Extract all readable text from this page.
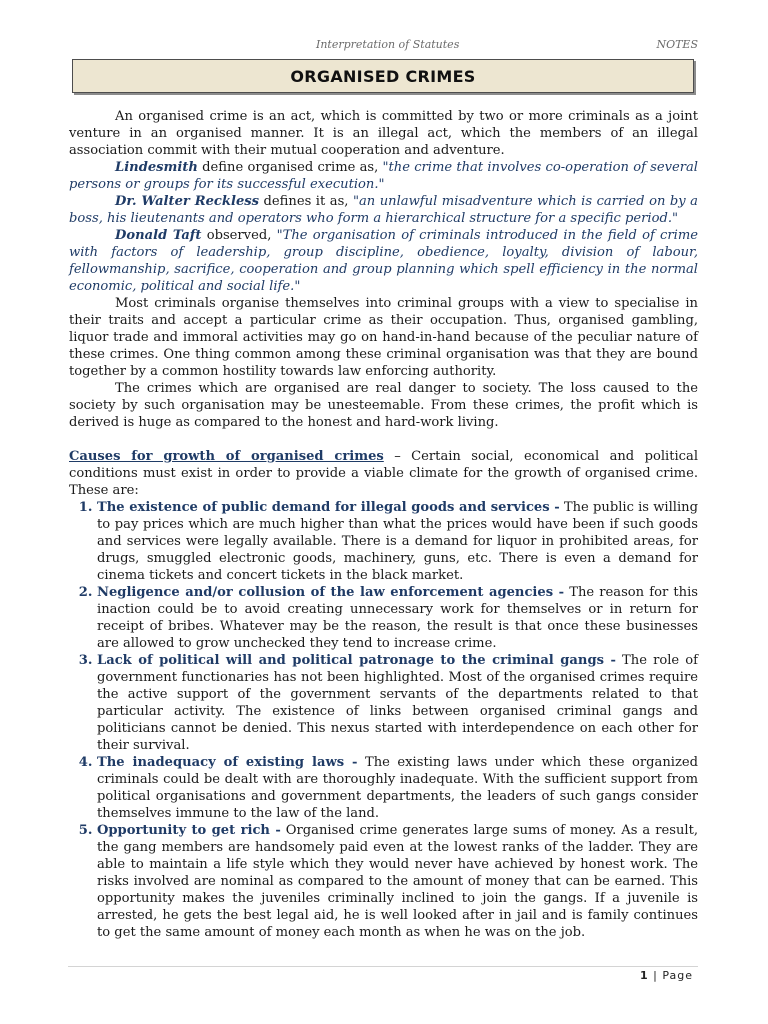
Interpretation of Statutes	NOTES
ORGANISED CRIMES

An organised crime is an act, which is committed by two or more criminals as a joint venture in an organised manner. It is an illegal act, which the members of an illegal association commit with their mutual cooperation and adventure.

Lindesmith define organised crime as, "the crime that involves co-operation of several persons or groups for its successful execution."

Dr. Walter Reckless defines it as, "an unlawful misadventure which is carried on by a boss, his lieutenants and operators who form a hierarchical structure for a specific period."

Donald Taft observed, "The organisation of criminals introduced in the field of crime with factors of leadership, group discipline, obedience, loyalty, division of labour, fellowmanship, sacrifice, cooperation and group planning which spell efficiency in the normal economic, political and social life."

Most criminals organise themselves into criminal groups with a view to specialise in their traits and accept a particular crime as their occupation. Thus, organised gambling, liquor trade and immoral activities may go on hand-in-hand because of the peculiar nature of these crimes. One thing common among these criminal organisation was that they are bound together by a common hostility towards law enforcing authority.

The crimes which are organised are real danger to society. The loss caused to the society by such organisation may be unesteemable. From these crimes, the profit which is derived is huge as compared to the honest and hard-work living.

Causes for growth of organised crimes – Certain social, economical and political conditions must exist in order to provide a viable climate for the growth of organised crime. These are:

1. The existence of public demand for illegal goods and services - The public is willing to pay prices which are much higher than what the prices would have been if such goods and services were legally available. There is a demand for liquor in prohibited areas, for drugs, smuggled electronic goods, machinery, guns, etc. There is even a demand for cinema tickets and concert tickets in the black market.
2. Negligence and/or collusion of the law enforcement agencies - The reason for this inaction could be to avoid creating unnecessary work for themselves or in return for receipt of bribes. Whatever may be the reason, the result is that once these businesses are allowed to grow unchecked they tend to increase crime.
3. Lack of political will and political patronage to the criminal gangs - The role of government functionaries has not been highlighted. Most of the organised crimes require the active support of the government servants of the departments related to that particular activity. The existence of links between organised criminal gangs and politicians cannot be denied. This nexus started with interdependence on each other for their survival.
4. The inadequacy of existing laws - The existing laws under which these organized criminals could be dealt with are thoroughly inadequate. With the sufficient support from political organisations and government departments, the leaders of such gangs consider themselves immune to the law of the land.
5. Opportunity to get rich - Organised crime generates large sums of money. As a result, the gang members are handsomely paid even at the lowest ranks of the ladder. They are able to maintain a life style which they would never have achieved by honest work. The risks involved are nominal as compared to the amount of money that can be earned. This opportunity makes the juveniles criminally inclined to join the gangs. If a juvenile is arrested, he gets the best legal aid, he is well looked after in jail and is family continues to get the same amount of money each month as when he was on the job.
1 | Page
